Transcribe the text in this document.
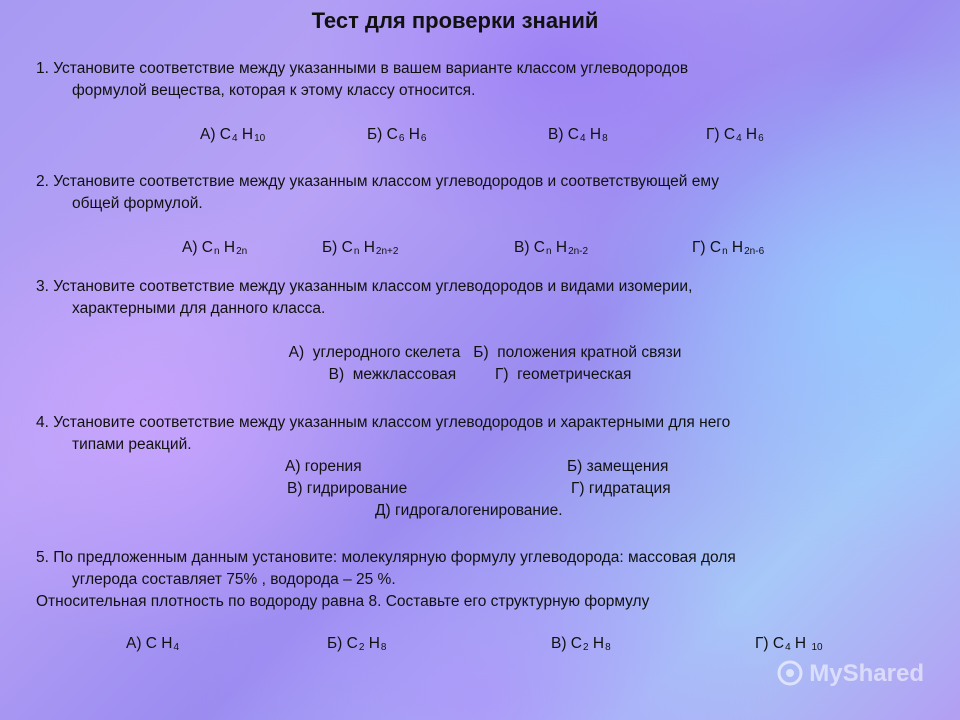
Тест для проверки знаний
1. Установите соответствие между указанными в вашем варианте классом углеводородов
формулой вещества, которая к этому классу относится.
А) $C_4$ $H_{10}$	Б) $C_6$ $H_6$	В) $C_4$ $H_8$	Г) $C_4$ $H_6$
2. Установите соответствие между указанным классом углеводородов и соответствующей ему
общей формулой.
А) $C_n$ $H_{2n}$	Б) $C_n$ $H_{2n+2}$	В) $C_n$ $H_{2n-2}$	Г) $C_n$ $H_{2n-6}$
3. Установите соответствие между указанным классом углеводородов и видами изомерии,
характерными для данного класса.
А)  углеродного скелета   Б)  положения кратной связи
В)  межклассовая         Г)  геометрическая
4. Установите соответствие между указанным классом углеводородов и характерными для него
типами реакций.
А) горения	Б) замещения
В) гидрирование	Г) гидратация
Д) гидрогалогенирование.
5. По предложенным данным установите: молекулярную формулу углеводорода: массовая доля
углерода составляет 75% , водорода – 25 %.
Относительная плотность по водороду равна 8. Составьте его структурную формулу
А) C $H_4$	Б) $C_2$ $H_8$	В) $C_2$ $H_8$	Г) $C_4$ H $_{10}$
MyShared
